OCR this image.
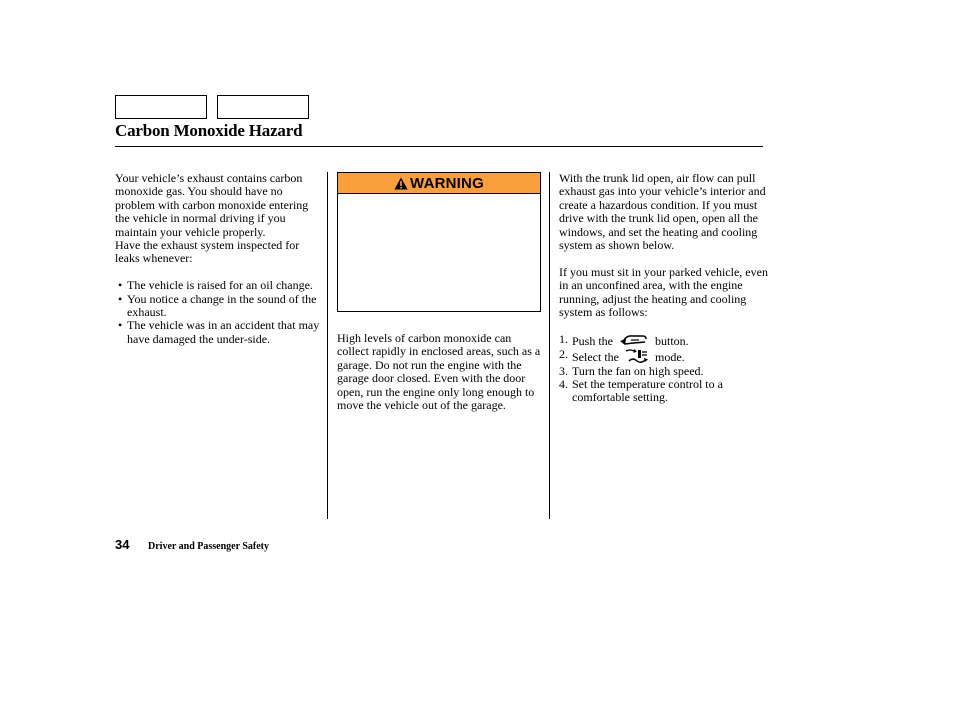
Carbon Monoxide Hazard

Your vehicle’s exhaust contains carbon monoxide gas. You should have no problem with carbon monoxide entering the vehicle in normal driving if you maintain your vehicle properly.

Have the exhaust system inspected for leaks whenever:

• The vehicle is raised for an oil change.
• You notice a change in the sound of the exhaust.
• The vehicle was in an accident that may have damaged the under-side.
WARNING

High levels of carbon monoxide can collect rapidly in enclosed areas, such as a garage. Do not run the engine with the garage door closed. Even with the door open, run the engine only long enough to move the vehicle out of the garage.

With the trunk lid open, air flow can pull exhaust gas into your vehicle’s interior and create a hazardous condition. If you must drive with the trunk lid open, open all the windows, and set the heating and cooling system as shown below.

If you must sit in your parked vehicle, even in an unconfined area, with the engine running, adjust the heating and cooling system as follows:

1. Push the	button.
2. Select the	mode.
3. Turn the fan on high speed.
4. Set the temperature control to a comfortable setting.
34 Driver and Passenger Safety
